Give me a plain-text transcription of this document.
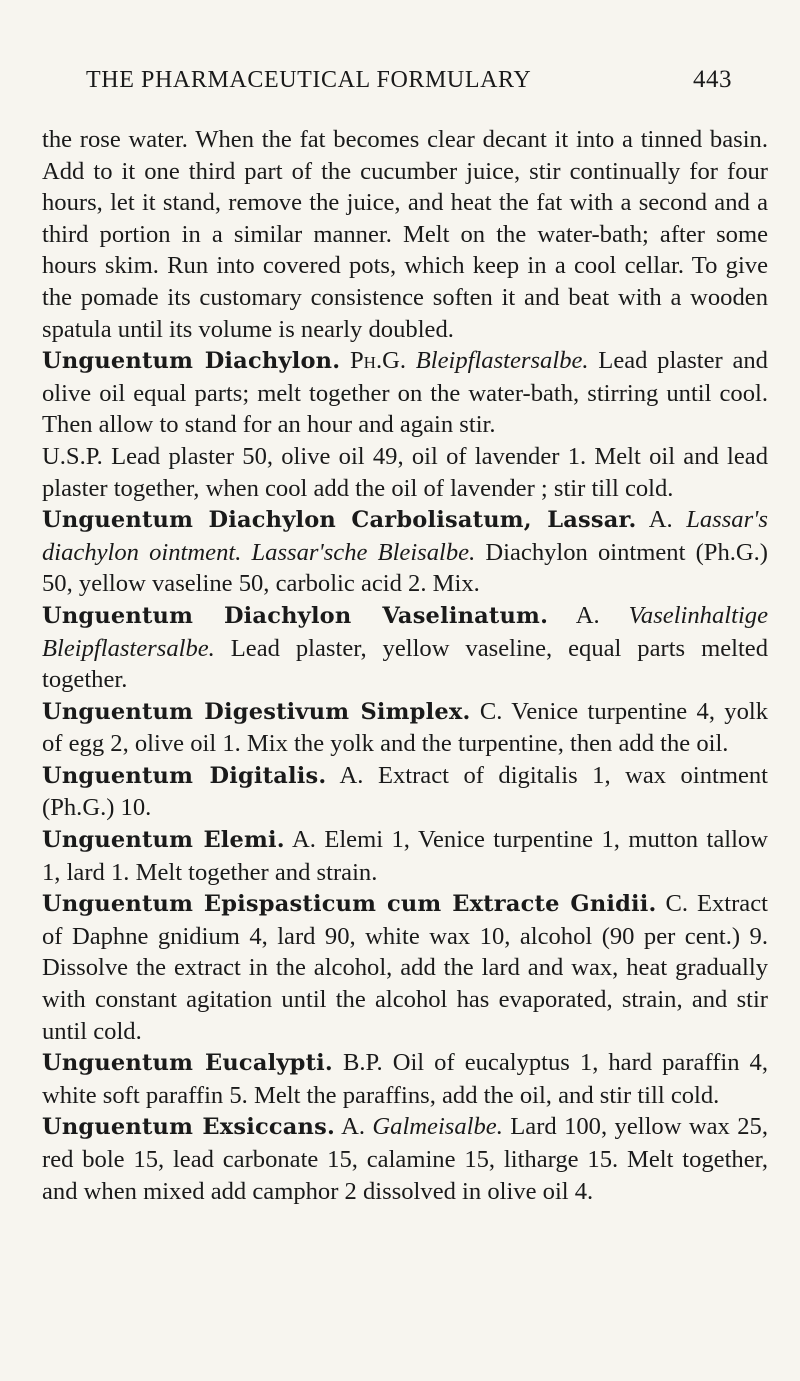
THE PHARMACEUTICAL FORMULARY	443

the rose water. When the fat becomes clear decant it into a tinned basin. Add to it one third part of the cucumber juice, stir continually for four hours, let it stand, remove the juice, and heat the fat with a second and a third portion in a similar manner. Melt on the water-bath; after some hours skim. Run into covered pots, which keep in a cool cellar. To give the pomade its customary consistence soften it and beat with a wooden spatula until its volume is nearly doubled.

Unguentum Diachylon. Ph.G. Bleipflastersalbe. Lead plaster and olive oil equal parts; melt together on the water-bath, stirring until cool. Then allow to stand for an hour and again stir.

U.S.P. Lead plaster 50, olive oil 49, oil of lavender 1. Melt oil and lead plaster together, when cool add the oil of lavender ; stir till cold.

Unguentum Diachylon Carbolisatum, Lassar. A. Lassar's diachylon ointment. Lassar'sche Bleisalbe. Diachylon ointment (Ph.G.) 50, yellow vaseline 50, carbolic acid 2. Mix.

Unguentum Diachylon Vaselinatum. A. Vaselinhaltige Bleipflastersalbe. Lead plaster, yellow vaseline, equal parts melted together.

Unguentum Digestivum Simplex. C. Venice turpentine 4, yolk of egg 2, olive oil 1. Mix the yolk and the turpentine, then add the oil.

Unguentum Digitalis. A. Extract of digitalis 1, wax ointment (Ph.G.) 10.

Unguentum Elemi. A. Elemi 1, Venice turpentine 1, mutton tallow 1, lard 1. Melt together and strain.

Unguentum Epispasticum cum Extracte Gnidii. C. Extract of Daphne gnidium 4, lard 90, white wax 10, alcohol (90 per cent.) 9. Dissolve the extract in the alcohol, add the lard and wax, heat gradually with constant agitation until the alcohol has evaporated, strain, and stir until cold.

Unguentum Eucalypti. B.P. Oil of eucalyptus 1, hard paraffin 4, white soft paraffin 5. Melt the paraffins, add the oil, and stir till cold.

Unguentum Exsiccans. A. Galmeisalbe. Lard 100, yellow wax 25, red bole 15, lead carbonate 15, calamine 15, litharge 15. Melt together, and when mixed add camphor 2 dissolved in olive oil 4.
